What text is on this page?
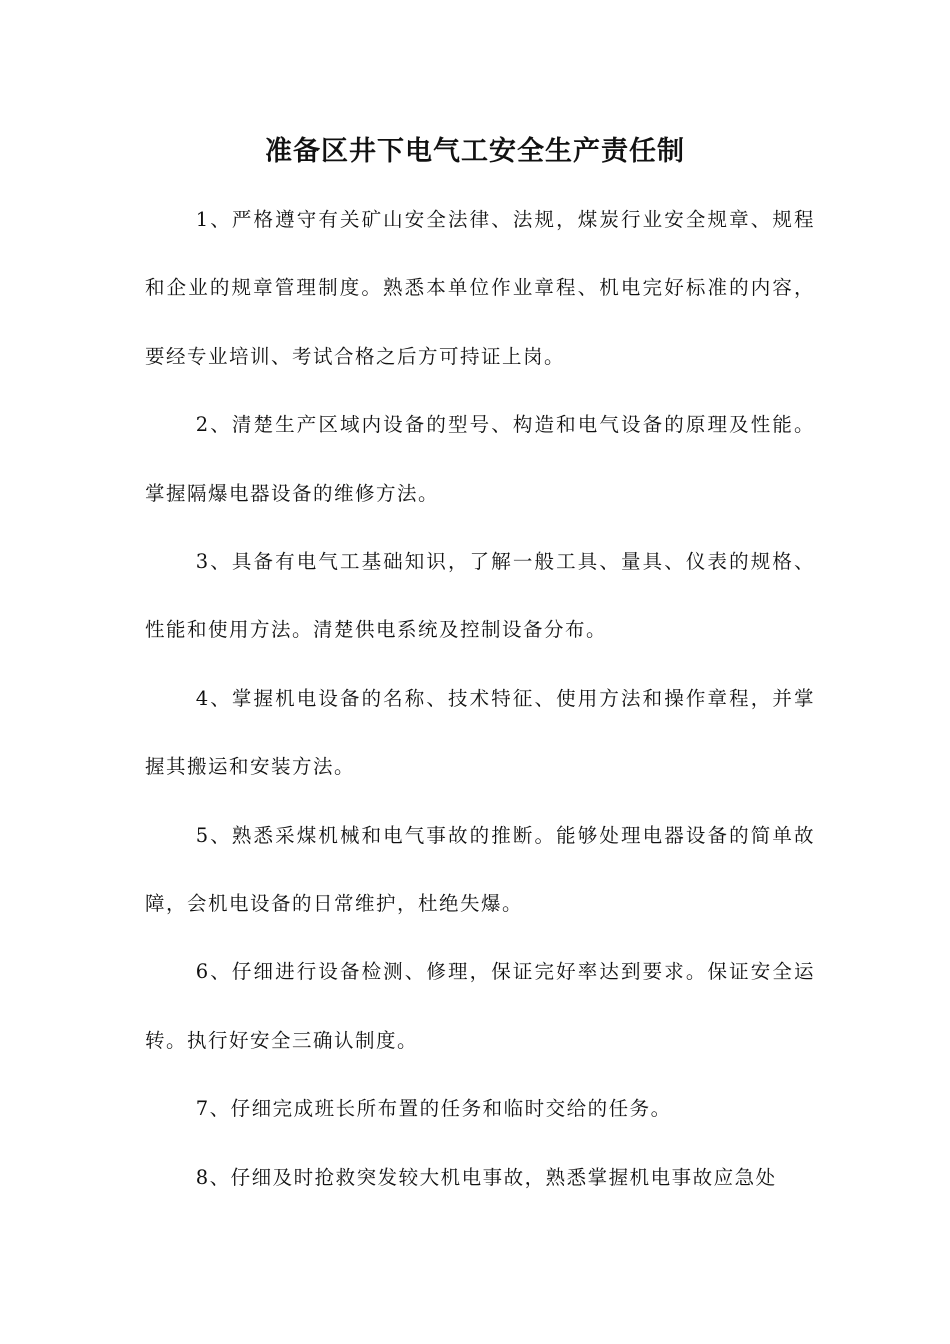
准备区井下电气工安全生产责任制

1、严格遵守有关矿山安全法律、法规，煤炭行业安全规章、规程和企业的规章管理制度。熟悉本单位作业章程、机电完好标准的内容，要经专业培训、考试合格之后方可持证上岗。

2、清楚生产区域内设备的型号、构造和电气设备的原理及性能。掌握隔爆电器设备的维修方法。

3、具备有电气工基础知识，了解一般工具、量具、仪表的规格、性能和使用方法。清楚供电系统及控制设备分布。

4、掌握机电设备的名称、技术特征、使用方法和操作章程，并掌握其搬运和安装方法。

5、熟悉采煤机械和电气事故的推断。能够处理电器设备的简单故障，会机电设备的日常维护，杜绝失爆。

6、仔细进行设备检测、修理，保证完好率达到要求。保证安全运转。执行好安全三确认制度。

7、仔细完成班长所布置的任务和临时交给的任务。

8、仔细及时抢救突发较大机电事故，熟悉掌握机电事故应急处
